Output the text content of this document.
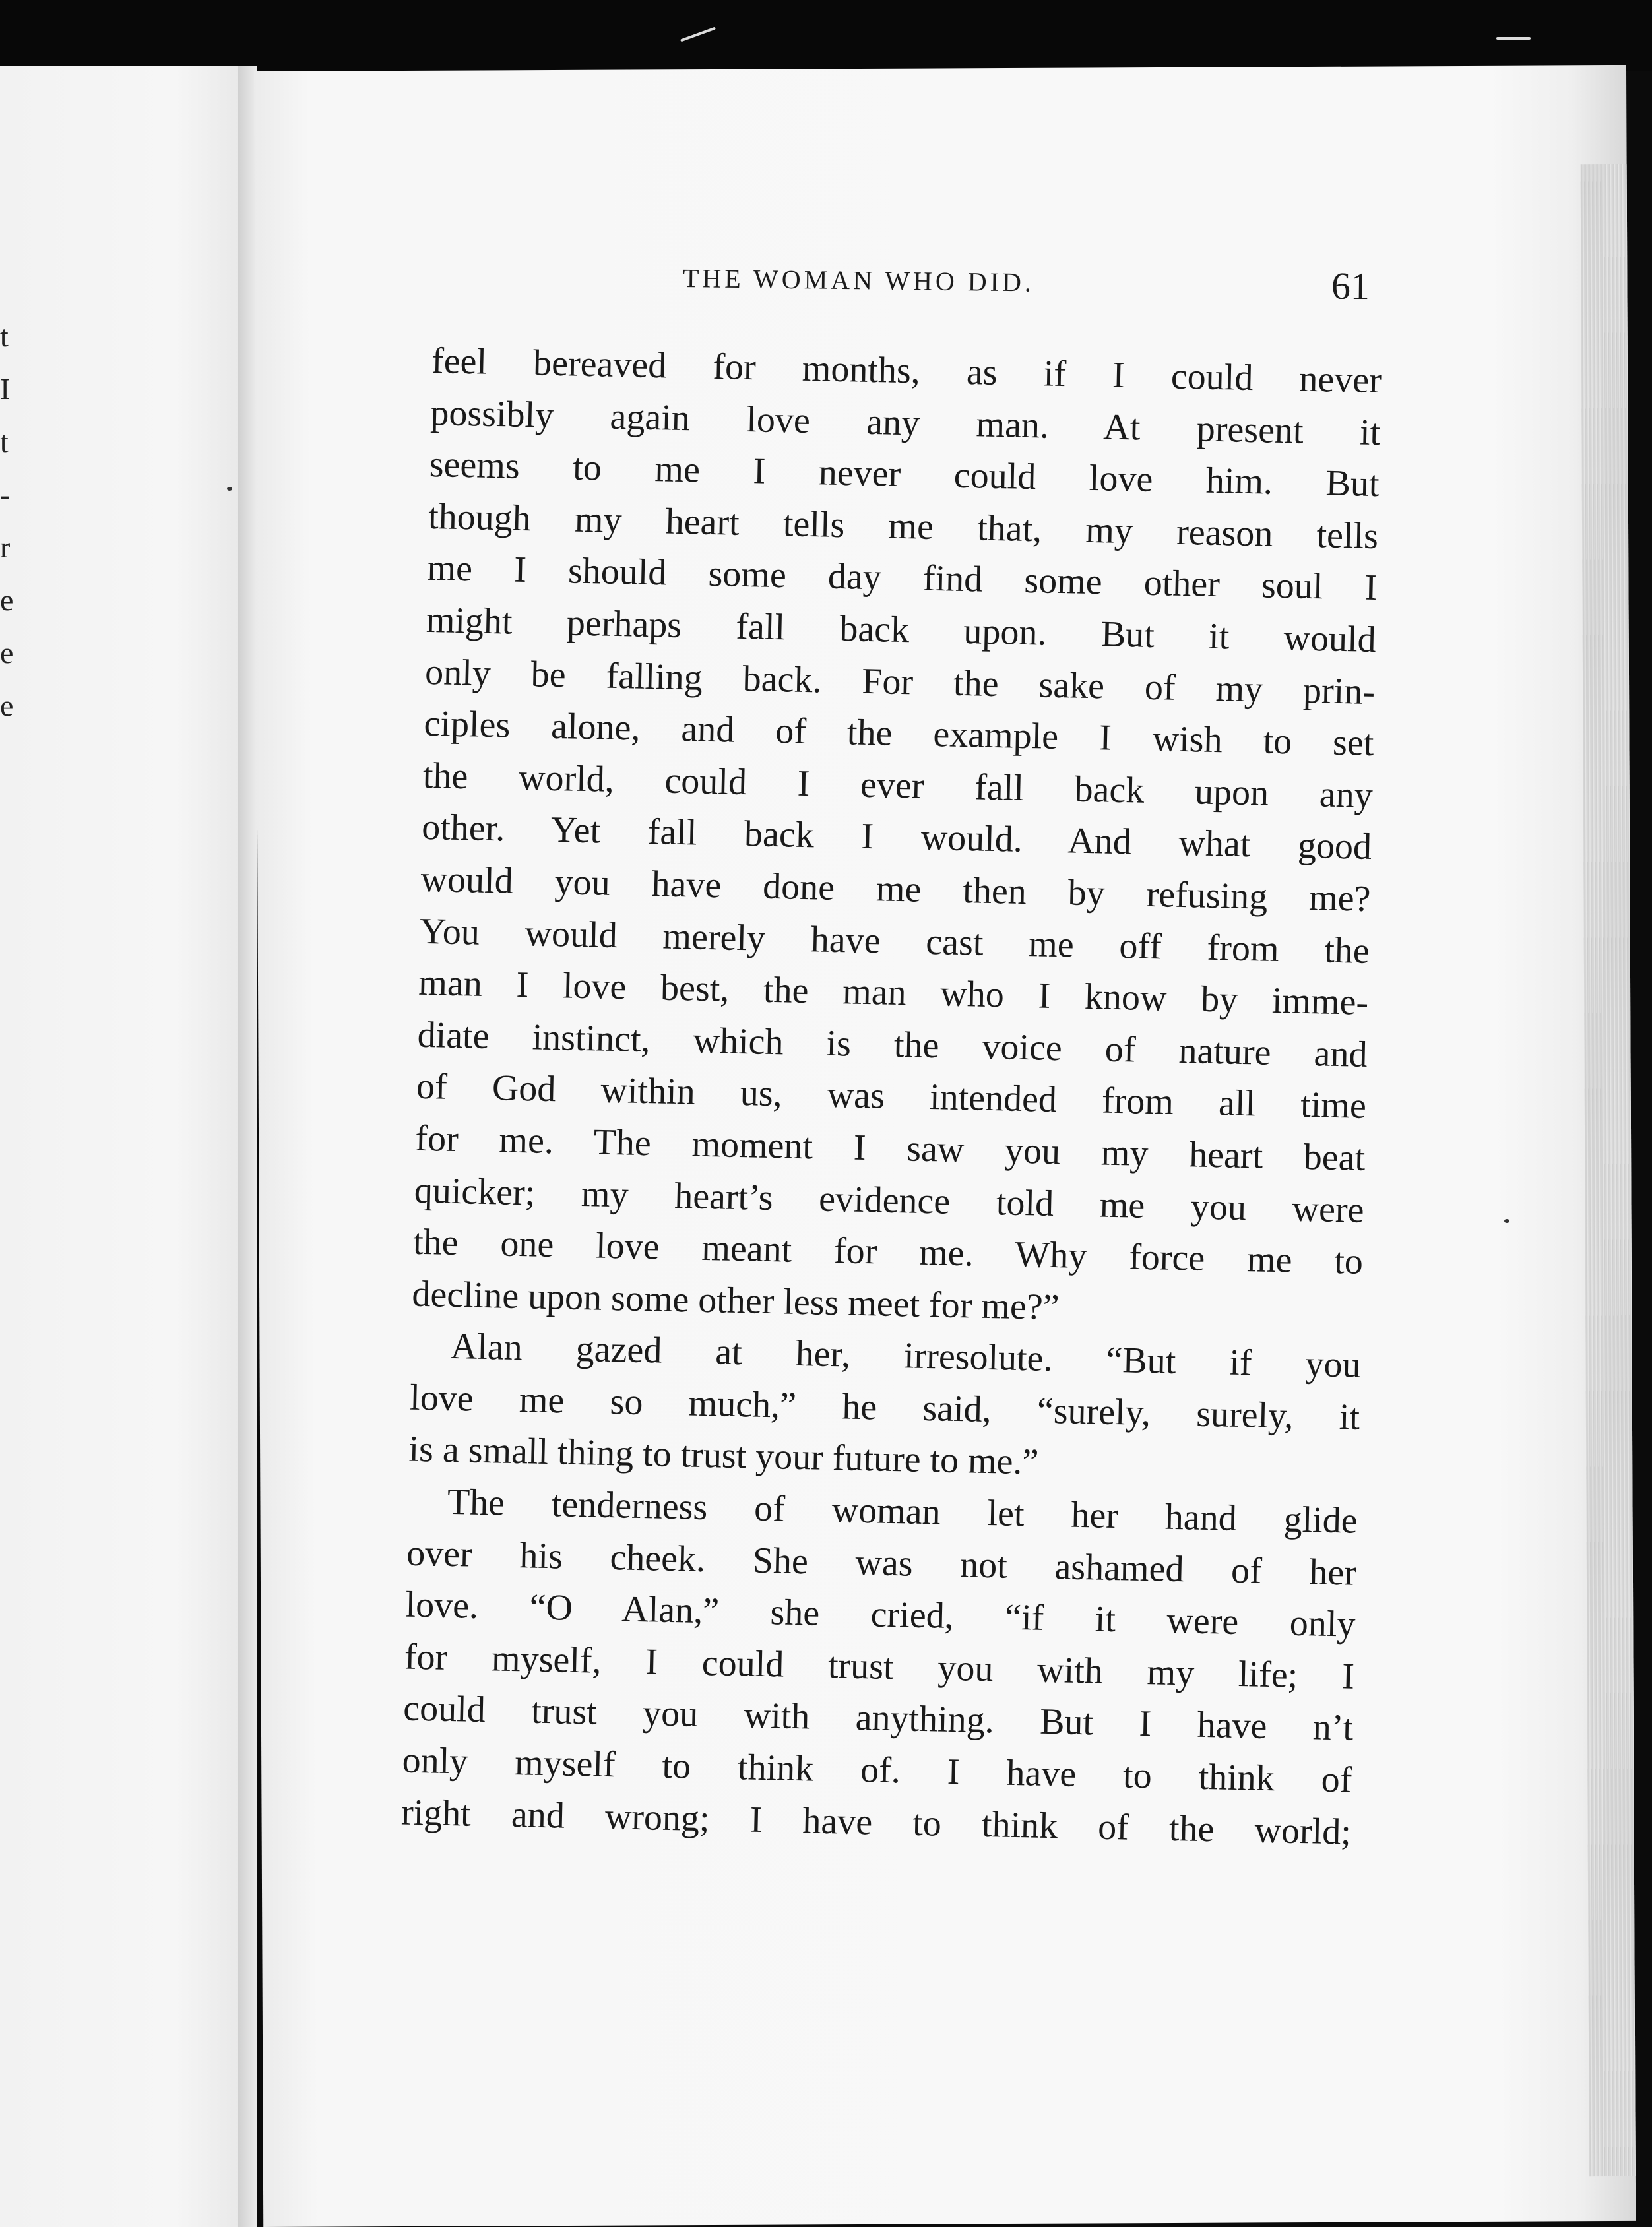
t
I
t
-
r
e
e
e
THE WOMAN WHO DID.	61
feel bereaved for months, as if I could never
possibly again love any man. At present it
seems to me I never could love him. But
though my heart tells me that, my reason tells
me I should some day find some other soul I
might perhaps fall back upon. But it would
only be falling back. For the sake of my prin-
ciples alone, and of the example I wish to set
the world, could I ever fall back upon any
other. Yet fall back I would. And what good
would you have done me then by refusing me?
You would merely have cast me off from the
man I love best, the man who I know by imme-
diate instinct, which is the voice of nature and
of God within us, was intended from all time
for me. The moment I saw you my heart beat
quicker; my heart’s evidence told me you were
the one love meant for me. Why force me to
decline upon some other less meet for me?”
Alan gazed at her, irresolute. “But if you
love me so much,” he said, “surely, surely, it
is a small thing to trust your future to me.”
The tenderness of woman let her hand glide
over his cheek. She was not ashamed of her
love. “O Alan,” she cried, “if it were only
for myself, I could trust you with my life; I
could trust you with anything. But I have n’t
only myself to think of. I have to think of
right and wrong; I have to think of the world;
